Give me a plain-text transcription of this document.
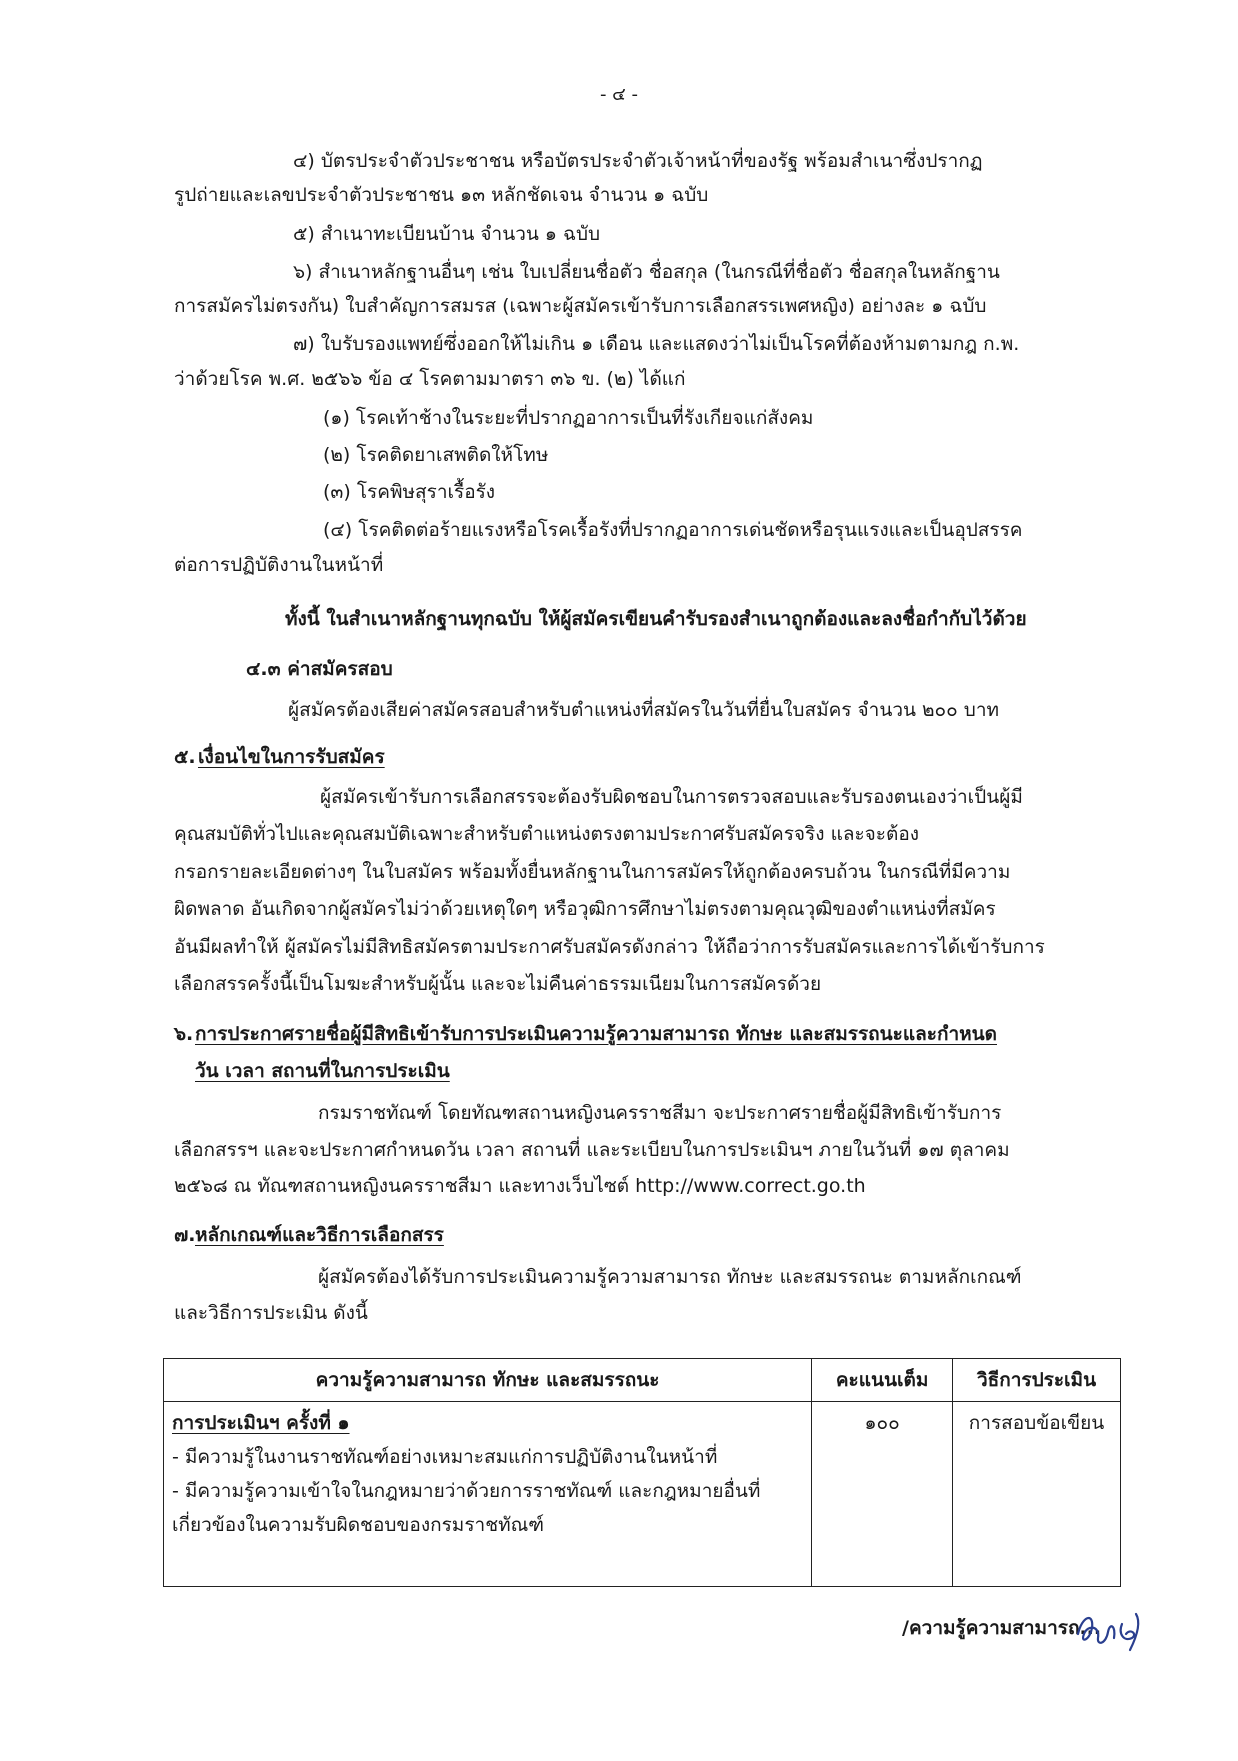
- ๔ -
๔) บัตรประจำตัวประชาชน หรือบัตรประจำตัวเจ้าหน้าที่ของรัฐ พร้อมสำเนาซึ่งปรากฏ
รูปถ่ายและเลขประจำตัวประชาชน ๑๓ หลักชัดเจน จำนวน ๑ ฉบับ
๕) สำเนาทะเบียนบ้าน จำนวน ๑ ฉบับ
๖) สำเนาหลักฐานอื่นๆ เช่น ใบเปลี่ยนชื่อตัว ชื่อสกุล (ในกรณีที่ชื่อตัว ชื่อสกุลในหลักฐาน
การสมัครไม่ตรงกัน) ใบสำคัญการสมรส (เฉพาะผู้สมัครเข้ารับการเลือกสรรเพศหญิง) อย่างละ ๑ ฉบับ
๗) ใบรับรองแพทย์ซึ่งออกให้ไม่เกิน ๑ เดือน และแสดงว่าไม่เป็นโรคที่ต้องห้ามตามกฎ ก.พ.
ว่าด้วยโรค พ.ศ. ๒๕๖๖ ข้อ ๔ โรคตามมาตรา ๓๖ ข. (๒) ได้แก่
(๑) โรคเท้าช้างในระยะที่ปรากฏอาการเป็นที่รังเกียจแก่สังคม
(๒) โรคติดยาเสพติดให้โทษ
(๓) โรคพิษสุราเรื้อรัง
(๔) โรคติดต่อร้ายแรงหรือโรคเรื้อรังที่ปรากฏอาการเด่นชัดหรือรุนแรงและเป็นอุปสรรค
ต่อการปฏิบัติงานในหน้าที่
ทั้งนี้ ในสำเนาหลักฐานทุกฉบับ ให้ผู้สมัครเขียนคำรับรองสำเนาถูกต้องและลงชื่อกำกับไว้ด้วย
๔.๓ ค่าสมัครสอบ
ผู้สมัครต้องเสียค่าสมัครสอบสำหรับตำแหน่งที่สมัครในวันที่ยื่นใบสมัคร จำนวน ๒๐๐ บาท
๕. เงื่อนไขในการรับสมัคร
ผู้สมัครเข้ารับการเลือกสรรจะต้องรับผิดชอบในการตรวจสอบและรับรองตนเองว่าเป็นผู้มี
คุณสมบัติทั่วไปและคุณสมบัติเฉพาะสำหรับตำแหน่งตรงตามประกาศรับสมัครจริง และจะต้อง
กรอกรายละเอียดต่างๆ ในใบสมัคร พร้อมทั้งยื่นหลักฐานในการสมัครให้ถูกต้องครบถ้วน ในกรณีที่มีความ
ผิดพลาด อันเกิดจากผู้สมัครไม่ว่าด้วยเหตุใดๆ หรือวุฒิการศึกษาไม่ตรงตามคุณวุฒิของตำแหน่งที่สมัคร
อันมีผลทำให้ ผู้สมัครไม่มีสิทธิสมัครตามประกาศรับสมัครดังกล่าว ให้ถือว่าการรับสมัครและการได้เข้ารับการ
เลือกสรรครั้งนี้เป็นโมฆะสำหรับผู้นั้น และจะไม่คืนค่าธรรมเนียมในการสมัครด้วย
๖. การประกาศรายชื่อผู้มีสิทธิเข้ารับการประเมินความรู้ความสามารถ ทักษะ และสมรรถนะและกำหนด
วัน เวลา สถานที่ในการประเมิน
กรมราชทัณฑ์ โดยทัณฑสถานหญิงนครราชสีมา จะประกาศรายชื่อผู้มีสิทธิเข้ารับการ
เลือกสรรฯ และจะประกาศกำหนดวัน เวลา สถานที่ และระเบียบในการประเมินฯ ภายในวันที่ ๑๗ ตุลาคม
๒๕๖๘ ณ ทัณฑสถานหญิงนครราชสีมา และทางเว็บไซต์ http://www.correct.go.th
๗. หลักเกณฑ์และวิธีการเลือกสรร
ผู้สมัครต้องได้รับการประเมินความรู้ความสามารถ ทักษะ และสมรรถนะ ตามหลักเกณฑ์
และวิธีการประเมิน ดังนี้
ความรู้ความสามารถ ทักษะ และสมรรถนะ	คะแนนเต็ม	วิธีการประเมิน

การประเมินฯ ครั้งที่ ๑
- มีความรู้ในงานราชทัณฑ์อย่างเหมาะสมแก่การปฏิบัติงานในหน้าที่
- มีความรู้ความเข้าใจในกฎหมายว่าด้วยการราชทัณฑ์ และกฎหมายอื่นที่
เกี่ยวข้องในความรับผิดชอบของกรมราชทัณฑ์	๑๐๐	การสอบข้อเขียน
/ความรู้ความสามารถ...
